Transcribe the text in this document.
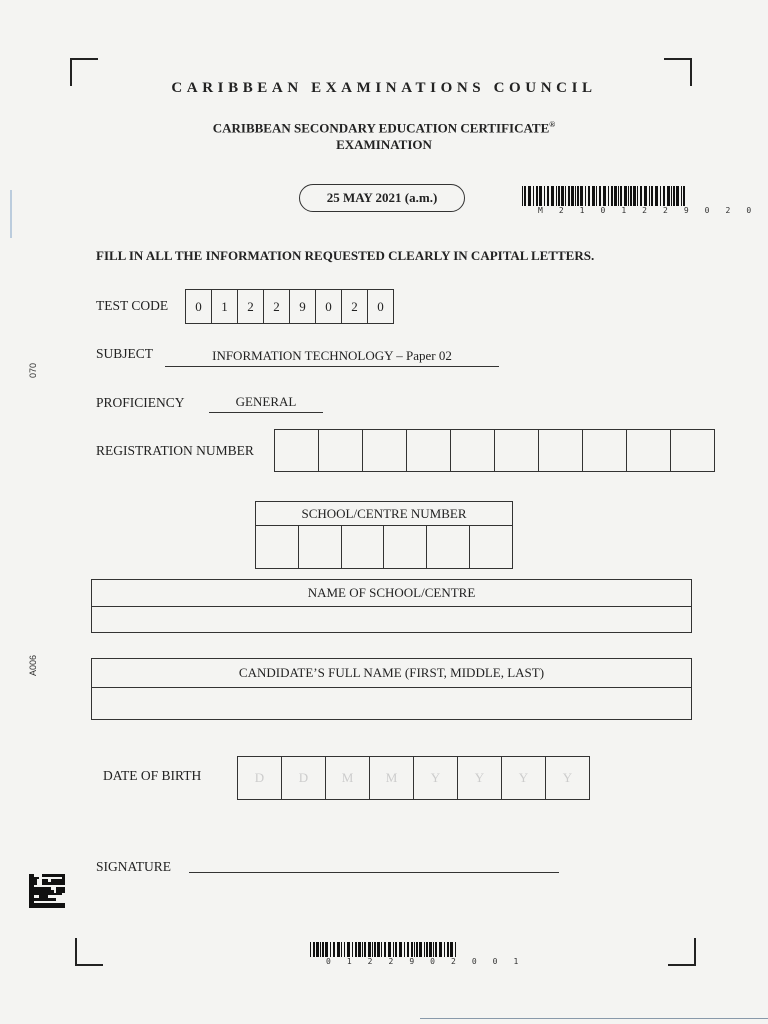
070
A006
CARIBBEAN EXAMINATIONS COUNCIL
CARIBBEAN SECONDARY EDUCATION CERTIFICATE®
EXAMINATION
25 MAY 2021 (a.m.)
M 2 1 0 1 2 2 9 0 2 0
FILL IN ALL THE INFORMATION REQUESTED CLEARLY IN CAPITAL LETTERS.
TEST CODE	0	1	2	2	9	0	2	0
SUBJECT	INFORMATION TECHNOLOGY – Paper 02
PROFICIENCY	GENERAL
REGISTRATION NUMBER
SCHOOL/CENTRE NUMBER
NAME OF SCHOOL/CENTRE
CANDIDATE’S FULL NAME (FIRST, MIDDLE, LAST)
DATE OF BIRTH	D	D	M	M	Y	Y	Y	Y
SIGNATURE
0 1 2 2 9 0 2 0 0 1
